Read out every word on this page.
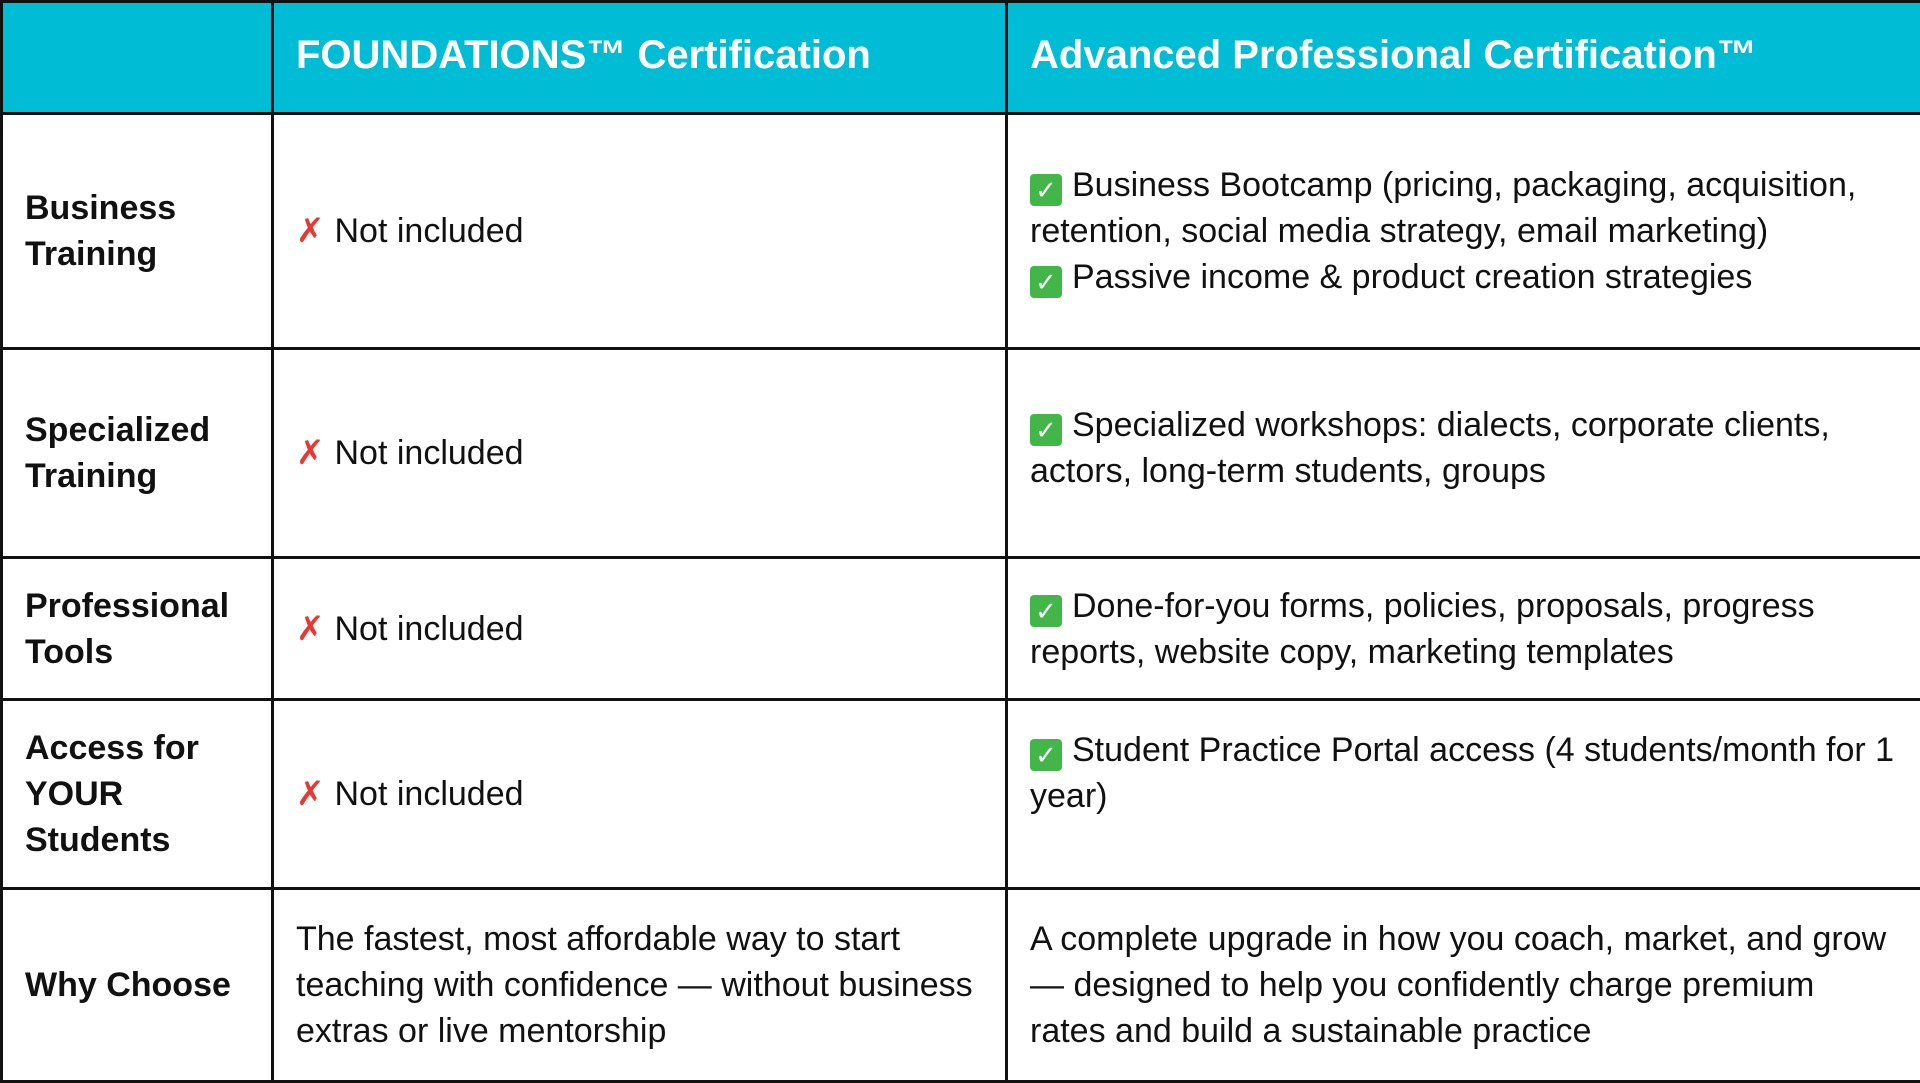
	FOUNDATIONS™ Certification	Advanced Professional Certification™
Business Training	✗ Not included	✓ Business Bootcamp (pricing, packaging, acquisition, retention, social media strategy, email marketing)
✓ Passive income & product creation strategies

Specialized Training	✗ Not included	✓ Specialized workshops: dialects, corporate clients, actors, long-term students, groups

Professional Tools	✗ Not included	✓ Done-for-you forms, policies, proposals, progress reports, website copy, marketing templates

Access for YOUR Students	✗ Not included	✓ Student Practice Portal access (4 students/month for 1 year)

Why Choose	The fastest, most affordable way to start teaching with confidence — without business extras or live mentorship	A complete upgrade in how you coach, market, and grow — designed to help you confidently charge premium rates and build a sustainable practice
